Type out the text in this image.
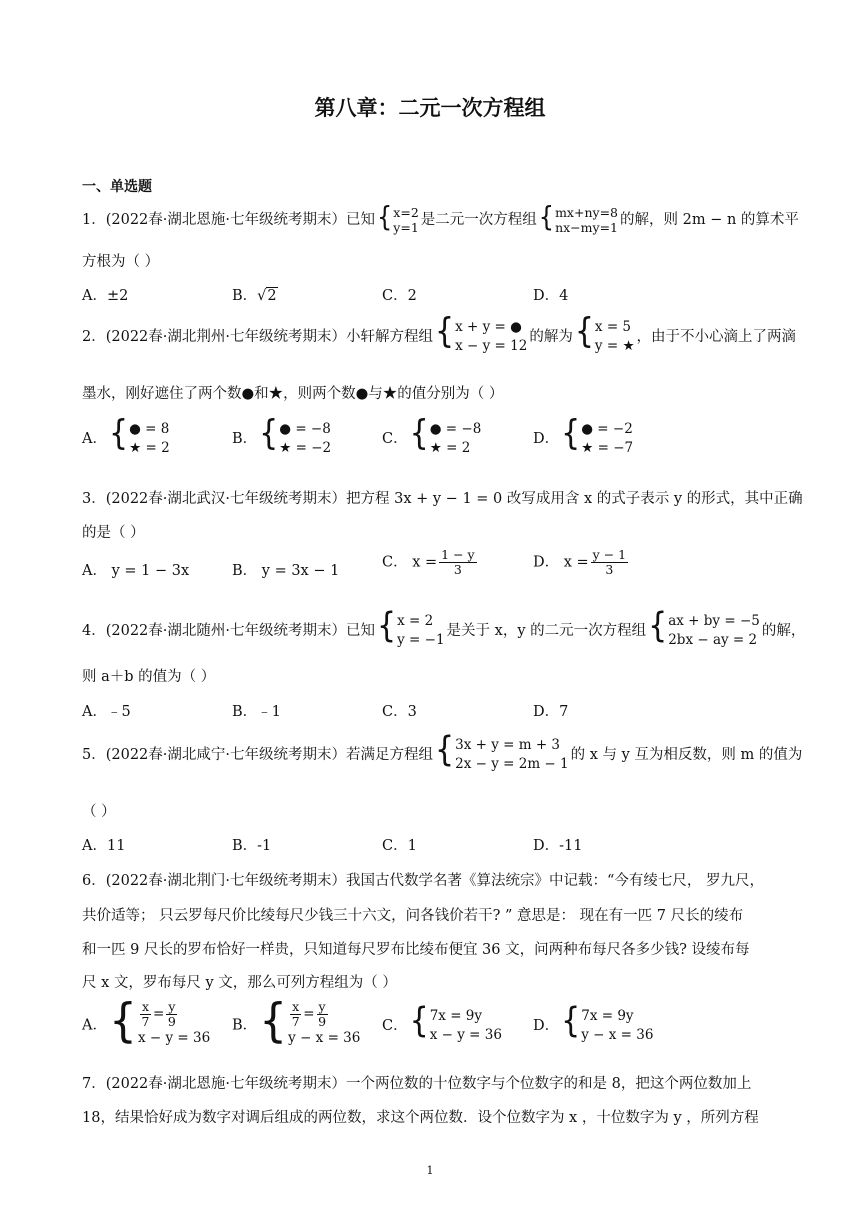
第八章：二元一次方程组
一、单选题
1．(2022春·湖北恩施·七年级统考期末）已知 { x=2
y=1 是二元一次方程组 { mx+ny=8
nx−my=1 的解，则 2m − n 的算术平
方根为（ ）
A．±2	B．√2	C．2	D．4
2．(2022春·湖北荆州·七年级统考期末）小轩解方程组 { x + y = ●
x − y = 12
的解为 { x = 5
y = ★
，由于不小心滴上了两滴
墨水，刚好遮住了两个数●和★，则两个数●与★的值分别为（ ）
A． { ● = 8
★ = 2
B． { ● = −8
★ = −2
C． { ● = −8
★ = 2
D． { ● = −2
★ = −7
3．(2022春·湖北武汉·七年级统考期末）把方程 3x + y − 1 = 0 改写成用含 x 的式子表示 y 的形式，其中正确
的是（ ）
A． y = 1 − 3x	B． y = 3x − 1
C． $x = \frac{1 - y}{3}$	D． $x = \frac{y - 1}{3}$
4．(2022春·湖北随州·七年级统考期末）已知 { x = 2
y = −1
是关于 x，y 的二元一次方程组 { ax + by = −5
2bx − ay = 2
的解，
则 a＋b 的值为（ ）
A．﹣5	B．﹣1	C．3	D．7
5．(2022春·湖北咸宁·七年级统考期末）若满足方程组 { 3x + y = m + 3
2x − y = 2m − 1
的 x 与 y 互为相反数，则 m 的值为
（ ）
A．11	B．-1	C．1	D．-11
6．(2022春·湖北荆门·七年级统考期末）我国古代数学名著《算法统宗》中记载：“今有绫七尺， 罗九尺，
共价适等； 只云罗每尺价比绫每尺少钱三十六文，问各钱价若干? ” 意思是： 现在有一匹 7 尺长的绫布
和一匹 9 尺长的罗布恰好一样贵，只知道每尺罗布比绫布便宜 36 文，问两种布每尺各多少钱? 设绫布每
尺 x 文，罗布每尺 y 文，那么可列方程组为（ ）
A． { $\frac{x}{7} = \frac{y}{9}$
x − y = 36
B． { $\frac{x}{7} = \frac{y}{9}$
y − x = 36
C． { 7x = 9y
x − y = 36
D． { 7x = 9y
y − x = 36
7．(2022春·湖北恩施·七年级统考期末）一个两位数的十位数字与个位数字的和是 8，把这个两位数加上
18，结果恰好成为数字对调后组成的两位数，求这个两位数．设个位数字为 x ，十位数字为 y ，所列方程
1
